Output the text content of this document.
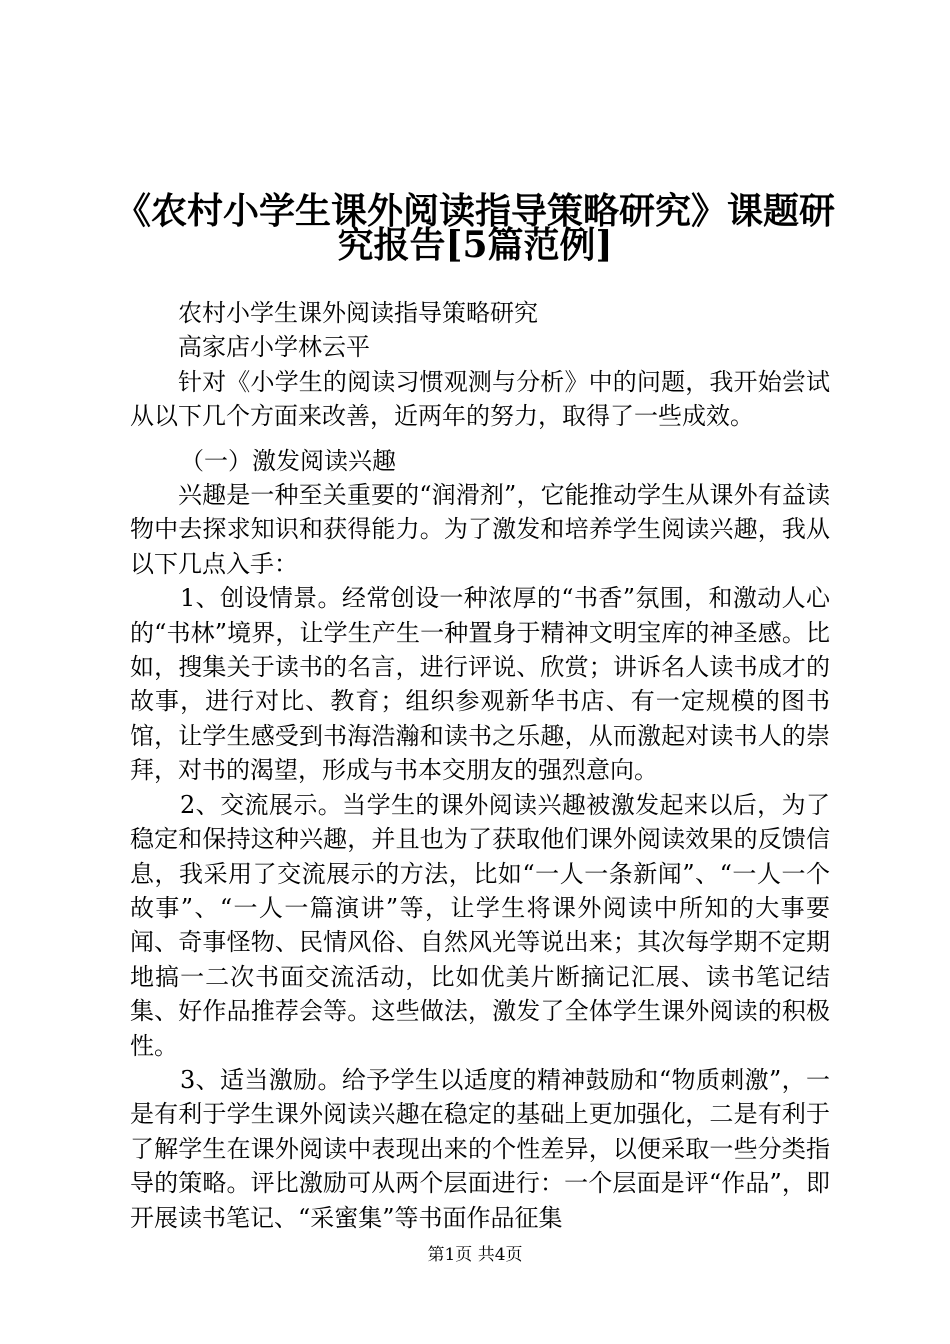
《农村小学生课外阅读指导策略研究》课题研
究报告[5篇范例]

农村小学生课外阅读指导策略研究

高家店小学林云平

针对《小学生的阅读习惯观测与分析》中的问题，我开始尝试从以下几个方面来改善，近两年的努力，取得了一些成效。

（一）激发阅读兴趣

兴趣是一种至关重要的“润滑剂”，它能推动学生从课外有益读物中去探求知识和获得能力。为了激发和培养学生阅读兴趣，我从以下几点入手：

1、创设情景。经常创设一种浓厚的“书香”氛围，和激动人心的“书林”境界，让学生产生一种置身于精神文明宝库的神圣感。比如，搜集关于读书的名言，进行评说、欣赏；讲诉名人读书成才的故事，进行对比、教育；组织参观新华书店、有一定规模的图书馆，让学生感受到书海浩瀚和读书之乐趣，从而激起对读书人的崇拜，对书的渴望，形成与书本交朋友的强烈意向。

2、交流展示。当学生的课外阅读兴趣被激发起来以后，为了稳定和保持这种兴趣，并且也为了获取他们课外阅读效果的反馈信息，我采用了交流展示的方法，比如“一人一条新闻”、“一人一个故事”、“一人一篇演讲”等，让学生将课外阅读中所知的大事要闻、奇事怪物、民情风俗、自然风光等说出来；其次每学期不定期地搞一二次书面交流活动，比如优美片断摘记汇展、读书笔记结集、好作品推荐会等。这些做法，激发了全体学生课外阅读的积极性。

3、适当激励。给予学生以适度的精神鼓励和“物质刺激”，一是有利于学生课外阅读兴趣在稳定的基础上更加强化，二是有利于了解学生在课外阅读中表现出来的个性差异，以便采取一些分类指导的策略。评比激励可从两个层面进行：一个层面是评“作品”，即开展读书笔记、“采蜜集”等书面作品征集

第1页 共4页
